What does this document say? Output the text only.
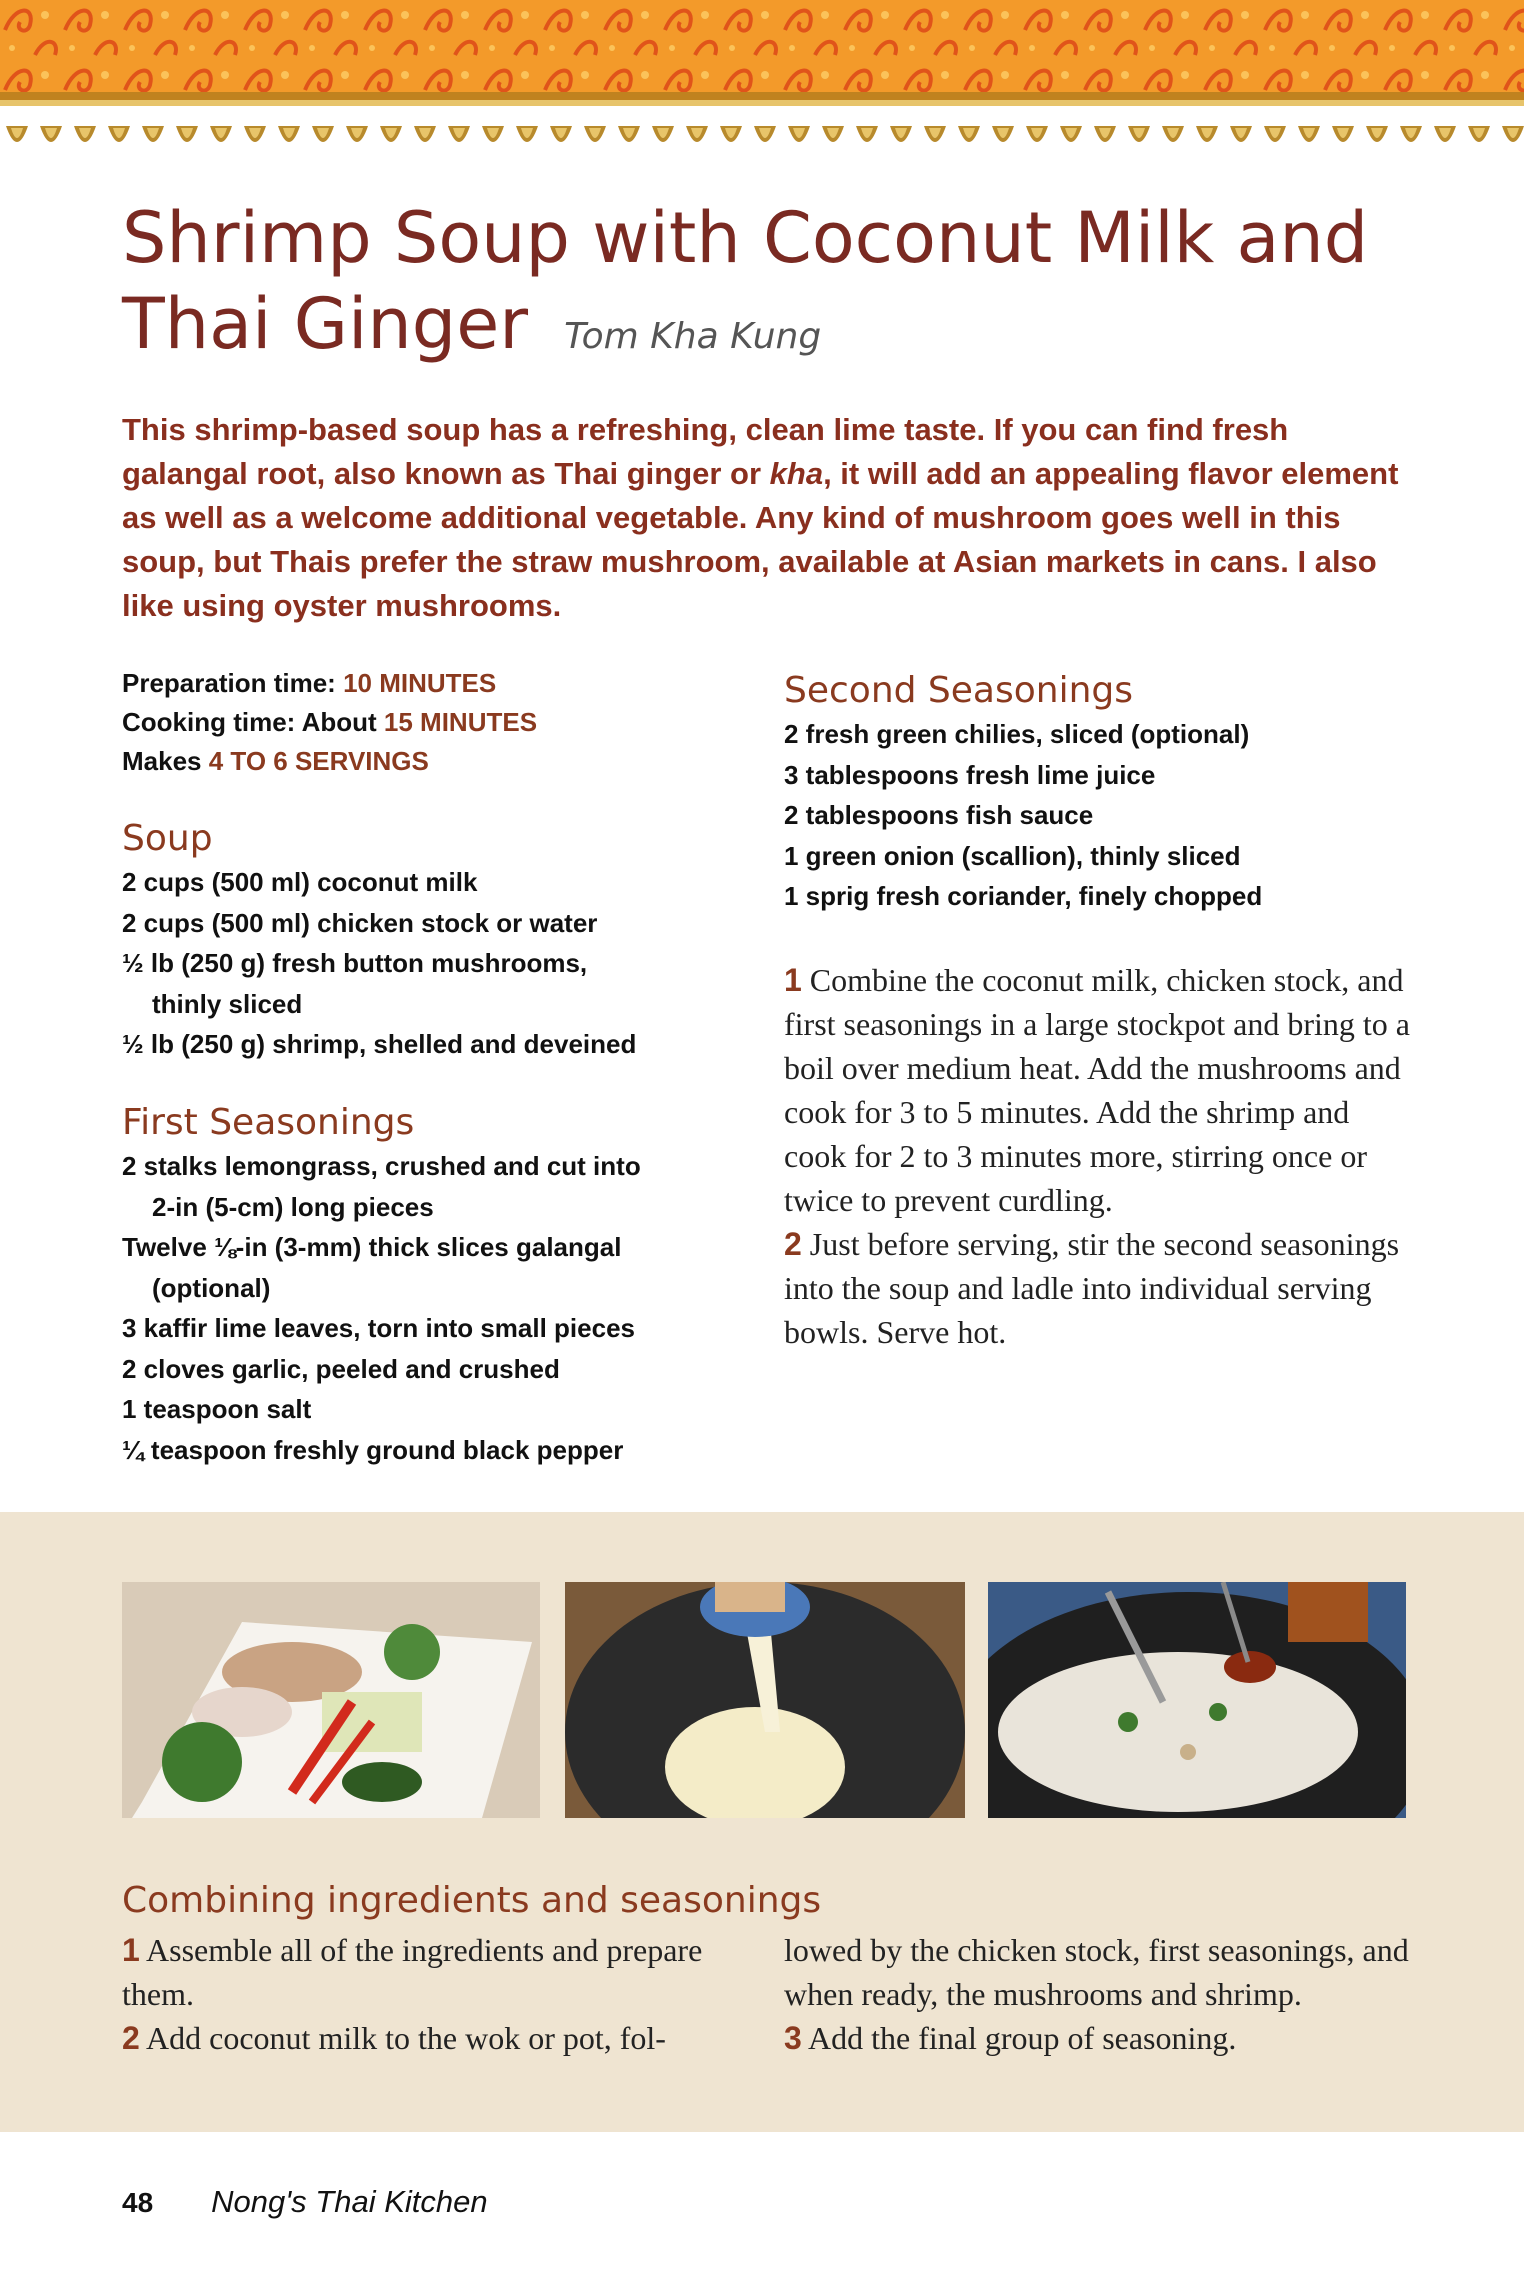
Shrimp Soup with Coconut Milk and
Thai Ginger Tom Kha Kung
This shrimp-based soup has a refreshing, clean lime taste. If you can find fresh galangal root, also known as Thai ginger or kha, it will add an appealing flavor element as well as a welcome additional vegetable. Any kind of mushroom goes well in this soup, but Thais prefer the straw mushroom, available at Asian markets in cans. I also like using oyster mushrooms.
Preparation time: 10 MINUTES
Cooking time: About 15 MINUTES
Makes 4 TO 6 SERVINGS
Soup
2 cups (500 ml) coconut milk
2 cups (500 ml) chicken stock or water
½ lb (250 g) fresh button mushrooms,
thinly sliced
½ lb (250 g) shrimp, shelled and deveined
First Seasonings
2 stalks lemongrass, crushed and cut into
2-in (5-cm) long pieces
Twelve ⅛-in (3-mm) thick slices galangal
(optional)
3 kaffir lime leaves, torn into small pieces
2 cloves garlic, peeled and crushed
1 teaspoon salt
¼ teaspoon freshly ground black pepper
Second Seasonings
2 fresh green chilies, sliced (optional)
3 tablespoons fresh lime juice
2 tablespoons fish sauce
1 green onion (scallion), thinly sliced
1 sprig fresh coriander, finely chopped
1 Combine the coconut milk, chicken stock, and first seasonings in a large stockpot and bring to a boil over medium heat. Add the mushrooms and cook for 3 to 5 minutes. Add the shrimp and cook for 2 to 3 minutes more, stirring once or twice to prevent curdling.
2 Just before serving, stir the second seasonings into the soup and ladle into individual serving bowls. Serve hot.
Combining ingredients and seasonings
1 Assemble all of the ingredients and prepare them.
2 Add coconut milk to the wok or pot, fol-
lowed by the chicken stock, first seasonings, and when ready, the mushrooms and shrimp.
3 Add the final group of seasoning.
48 Nong's Thai Kitchen
